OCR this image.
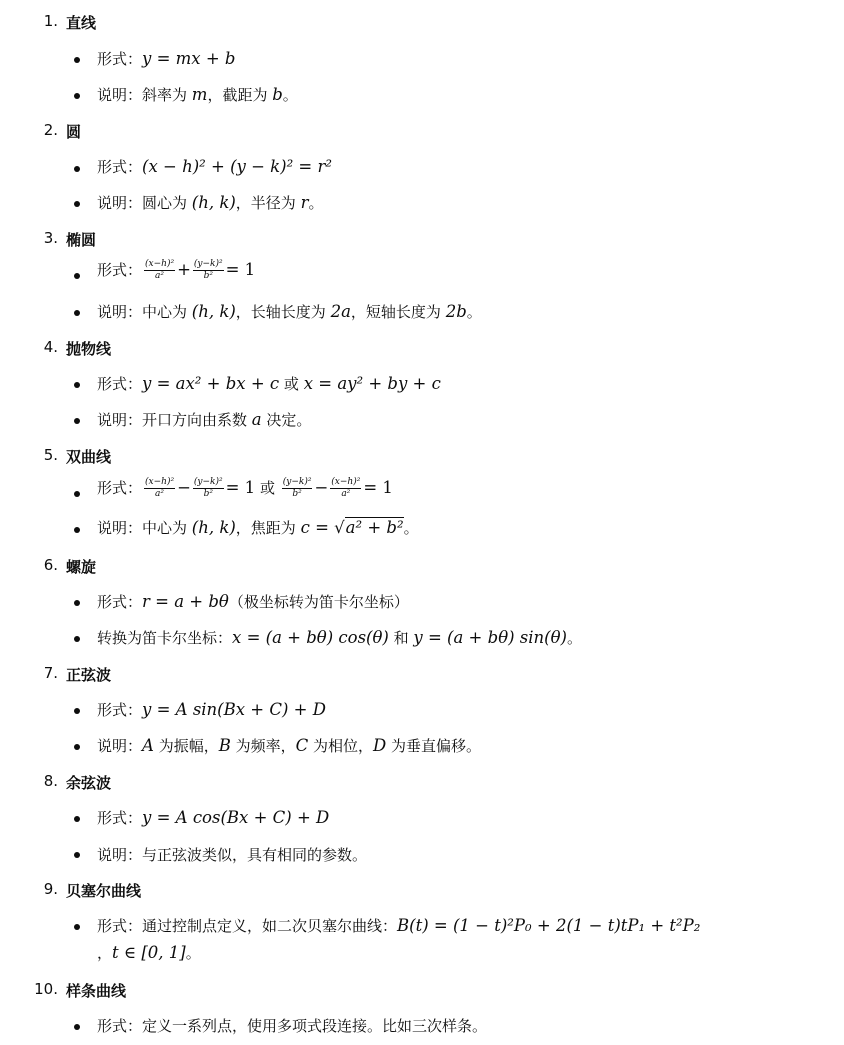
1. 直线
形式：y = mx + b
说明：斜率为 m，截距为 b。
2. 圆
形式：(x − h)² + (y − k)² = r²
说明：圆心为 (h, k)，半径为 r。
3. 椭圆
形式： $\frac{\text{(x−h)²}}{\text{a²}} + \frac{\text{(y−k)²}}{\text{b²}} = 1$
说明：中心为 (h, k)，长轴长度为 2a，短轴长度为 2b。
4. 抛物线
形式：y = ax² + bx + c 或 x = ay² + by + c
说明：开口方向由系数 a 决定。
5. 双曲线
形式： $\frac{\text{(x−h)²}}{\text{a²}} - \frac{\text{(y−k)²}}{\text{b²}} = 1$ 或 $\frac{\text{(y−k)²}}{\text{b²}} - \frac{\text{(x−h)²}}{\text{a²}} = 1$
说明：中心为 (h, k)，焦距为 c = √a² + b²。
6. 螺旋
形式：r = a + bθ（极坐标转为笛卡尔坐标）
转换为笛卡尔坐标：x = (a + bθ) cos(θ) 和 y = (a + bθ) sin(θ)。
7. 正弦波
形式：y = A sin(Bx + C) + D
说明：A 为振幅，B 为频率，C 为相位，D 为垂直偏移。
8. 余弦波
形式：y = A cos(Bx + C) + D
说明：与正弦波类似，具有相同的参数。
9. 贝塞尔曲线
形式：通过控制点定义，如二次贝塞尔曲线：B(t) = (1 − t)²P₀ + 2(1 − t)tP₁ + t²P₂
，t ∈ [0, 1]。
10. 样条曲线
形式：定义一系列点，使用多项式段连接。比如三次样条。
